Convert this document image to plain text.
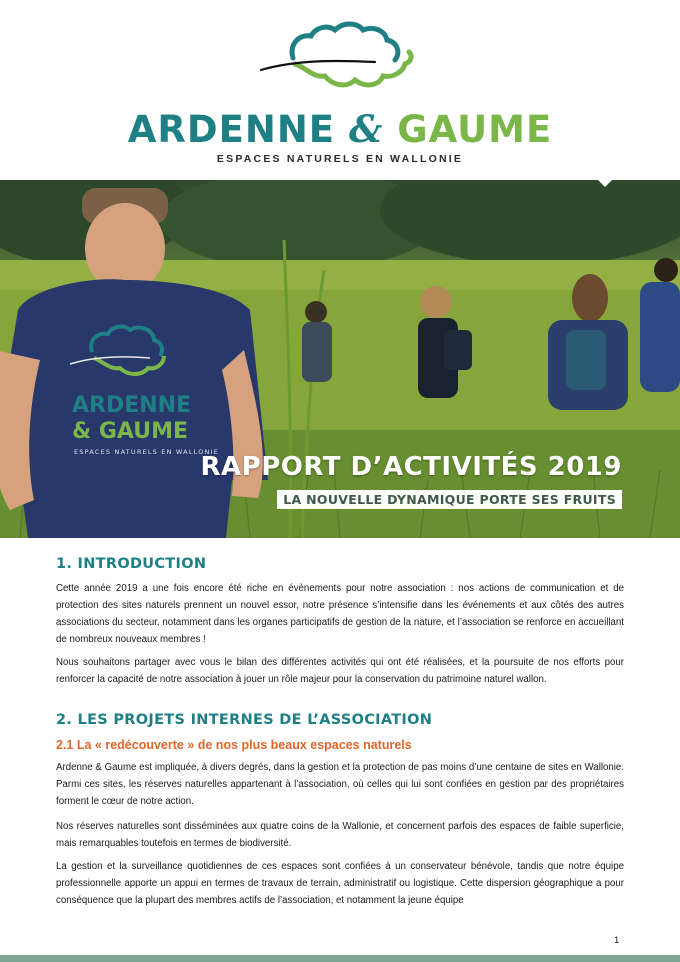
ARDENNE & GAUME
ESPACES NATURELS EN WALLONIE
ARDENNE
& GAUME
ESPACES NATURELS EN WALLONIE
RAPPORT D’ACTIVITÉS 2019
LA NOUVELLE DYNAMIQUE PORTE SES FRUITS
1. INTRODUCTION

Cette année 2019 a une fois encore été riche en évènements pour notre association : nos actions de communication et de protection des sites naturels prennent un nouvel essor, notre présence s’intensifie dans les événements et aux côtés des autres associations du secteur, notamment dans les organes participatifs de gestion de la nature, et l’association se renforce en accueillant de nombreux nouveaux membres !

Nous souhaitons partager avec vous le bilan des différentes activités qui ont été réalisées, et la poursuite de nos efforts pour renforcer la capacité de notre association à jouer un rôle majeur pour la conservation du patrimoine naturel wallon.

2. LES PROJETS INTERNES DE L’ASSOCIATION
2.1 La « redécouverte » de nos plus beaux espaces naturels

Ardenne & Gaume est impliquée, à divers degrés, dans la gestion et la protection de pas moins d’une centaine de sites en Wallonie. Parmi ces sites, les réserves naturelles appartenant à l’association, où celles qui lui sont confiées en gestion par des propriétaires forment le cœur de notre action.

Nos réserves naturelles sont disséminées aux quatre coins de la Wallonie, et concernent parfois des espaces de faible superficie, mais remarquables toutefois en termes de biodiversité.

La gestion et la surveillance quotidiennes de ces espaces sont confiées à un conservateur bénévole, tandis que notre équipe professionnelle apporte un appui en termes de travaux de terrain, administratif ou logistique. Cette dispersion géographique a pour conséquence que la plupart des membres actifs de l’association, et notamment la jeune équipe

1
